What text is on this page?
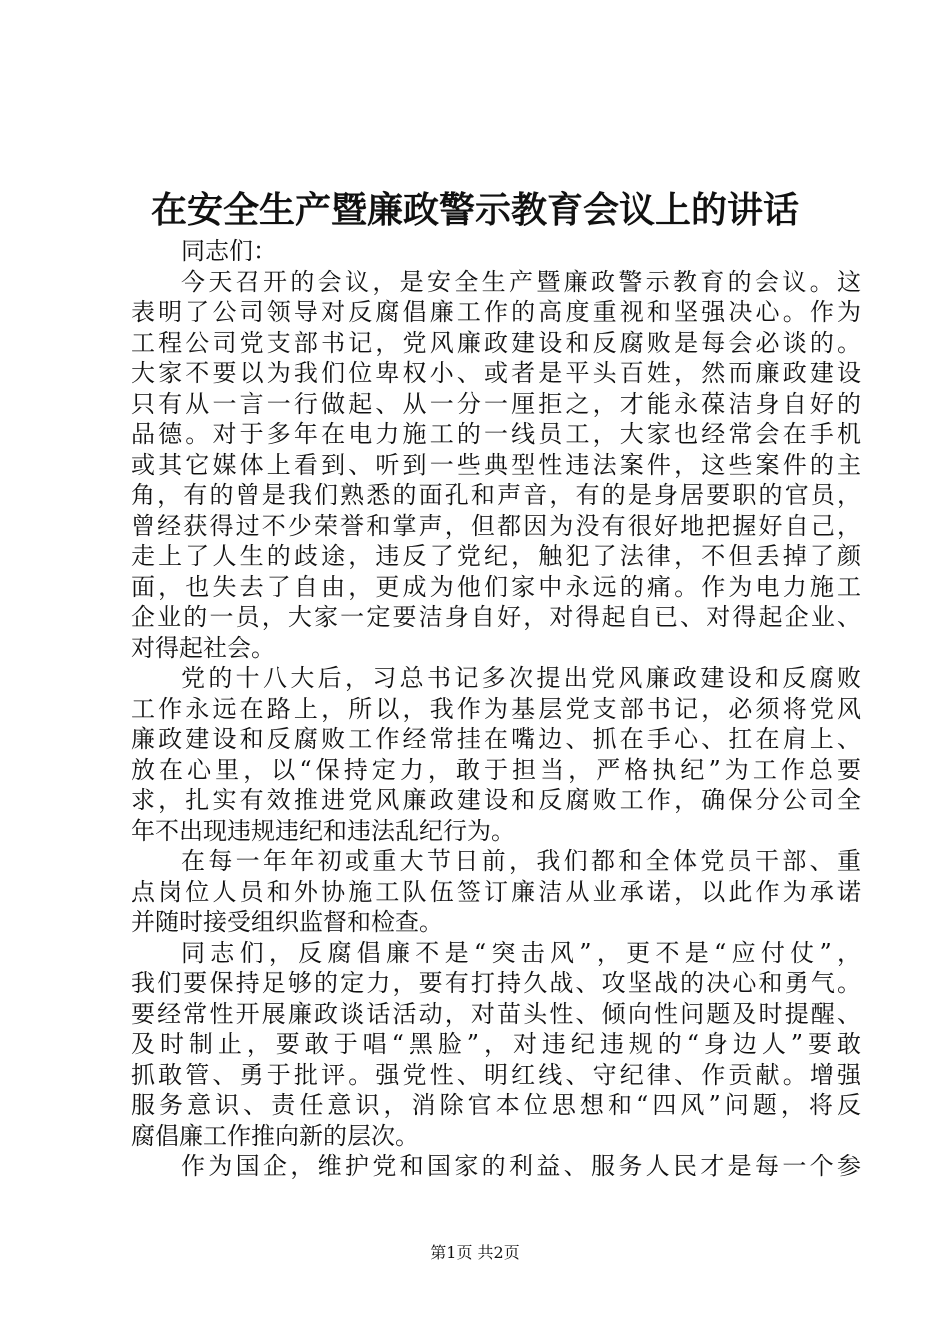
在安全生产暨廉政警示教育会议上的讲话
同志们：
今天召开的会议，是安全生产暨廉政警示教育的会议。这
表明了公司领导对反腐倡廉工作的高度重视和坚强决心。作为
工程公司党支部书记，党风廉政建设和反腐败是每会必谈的。
大家不要以为我们位卑权小、或者是平头百姓，然而廉政建设
只有从一言一行做起、从一分一厘拒之，才能永葆洁身自好的
品德。对于多年在电力施工的一线员工，大家也经常会在手机
或其它媒体上看到、听到一些典型性违法案件，这些案件的主
角，有的曾是我们熟悉的面孔和声音，有的是身居要职的官员，
曾经获得过不少荣誉和掌声，但都因为没有很好地把握好自己，
走上了人生的歧途，违反了党纪，触犯了法律，不但丢掉了颜
面，也失去了自由，更成为他们家中永远的痛。作为电力施工
企业的一员，大家一定要洁身自好，对得起自已、对得起企业、
对得起社会。
党的十八大后，习总书记多次提出党风廉政建设和反腐败
工作永远在路上，所以，我作为基层党支部书记，必须将党风
廉政建设和反腐败工作经常挂在嘴边、抓在手心、扛在肩上、
放在心里，以“保持定力，敢于担当，严格执纪”为工作总要
求，扎实有效推进党风廉政建设和反腐败工作，确保分公司全
年不出现违规违纪和违法乱纪行为。
在每一年年初或重大节日前，我们都和全体党员干部、重
点岗位人员和外协施工队伍签订廉洁从业承诺，以此作为承诺
并随时接受组织监督和检查。
同志们，反腐倡廉不是“突击风”，更不是“应付仗”，
我们要保持足够的定力，要有打持久战、攻坚战的决心和勇气。
要经常性开展廉政谈话活动，对苗头性、倾向性问题及时提醒、
及时制止，要敢于唱“黑脸”，对违纪违规的“身边人”要敢
抓敢管、勇于批评。强党性、明红线、守纪律、作贡献。增强
服务意识、责任意识，消除官本位思想和“四风”问题，将反
腐倡廉工作推向新的层次。
作为国企，维护党和国家的利益、服务人民才是每一个参
第1页 共2页
